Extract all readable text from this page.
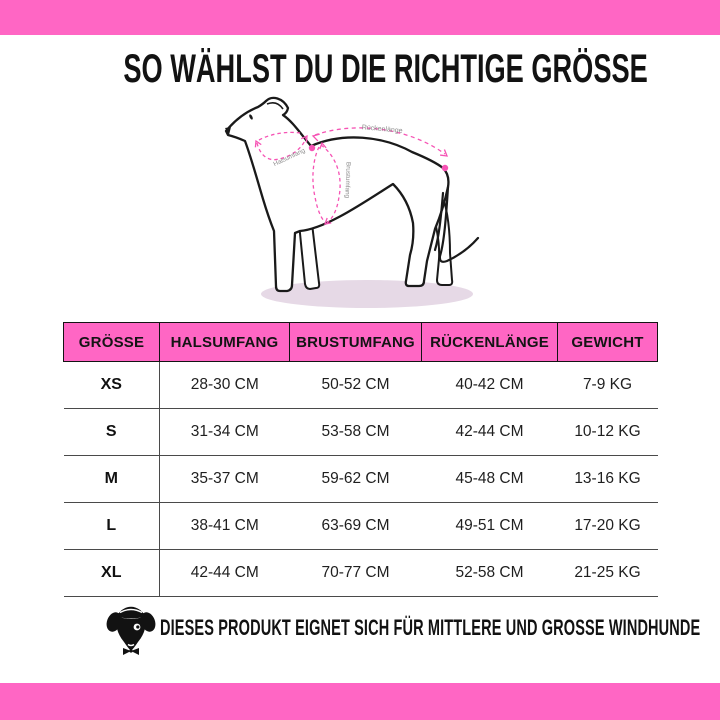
SO WÄHLST DU DIE RICHTIGE GRÖSSE
Rückenlänge
Halsumfang
Brustumfang
GRÖSSE	HALSUMFANG	BRUSTUMFANG	RÜCKENLÄNGE	GEWICHT
XS	28-30 CM	50-52 CM	40-42 CM	7-9 KG
S	31-34 CM	53-58 CM	42-44 CM	10-12 KG
M	35-37 CM	59-62 CM	45-48 CM	13-16 KG
L	38-41 CM	63-69 CM	49-51 CM	17-20 KG
XL	42-44 CM	70-77 CM	52-58 CM	21-25 KG
DIESES PRODUKT EIGNET SICH FÜR MITTLERE UND GROSSE WINDHUNDE
